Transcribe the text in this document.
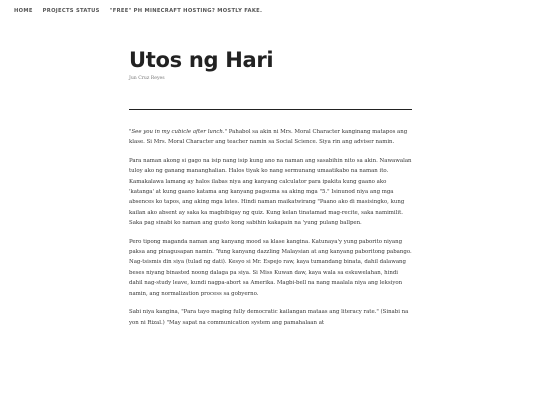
HOME PROJECTS STATUS "FREE" PH MINECRAFT HOSTING? MOSTLY FAKE.
Utos ng Hari
Jun Cruz Reyes

"See you in my cubicle after lunch." Pahabol sa akin ni Mrs. Moral Character kanginang matapos ang klase. Si Mrs. Moral Character ang teacher namin sa Social Science. Siya rin ang adviser namin.

Para naman akong si gago na isip nang isip kung ano na naman ang sasabihin nito sa akin. Nawawalan tuloy ako ng ganang mananghalian. Halos tiyak ko nang sermunang umaatikabo na naman ito. Kamakalawa lamang ay halos ilabas niya ang kanyang calculator para ipakita kung gaano ako 'katanga' at kung gaano katama ang kanyang pagsuma sa aking mga "5." Isinunod niya ang mga absences ko tapos, ang aking mga lates. Hindi naman maikatwirang "Paano ako di masisingko, kung kailan ako absent ay saka ka magbibigay ng quiz. Kung kelan tinatamad mag-recite, saka namimilit. Saka pag sinabi ko naman ang gusto kong sabihin kakapain na 'yung pulang ballpen.

Pero tipong maganda naman ang kanyang mood sa klase kangina. Katunaya'y yung paborito niyang paksa ang pinagusapan namin. 'Yung kanyang dazzling Malaysian at ang kanyang paboritong pabango. Nag-tsismis din siya (tulad ng dati). Kesyo si Mr. Espejo raw, kaya tumandang binata, dahil dalawang beses niyang binasted noong dalaga pa siya. Si Miss Kuwan daw, kaya wala sa eskuwelahan, hindi dahil nag-study leave, kundi nagpa-abort sa Amerika. Magbi-bell na nang maalala niya ang leksiyon namin, ang normalization process sa gobyerno.

Sabi niya kangina, "Para tayo maging fully democratic kailangan mataas ang literacy rate." (Sinabi na yon ni Rizal.) "May sapat na communication system ang pamahalaan at
